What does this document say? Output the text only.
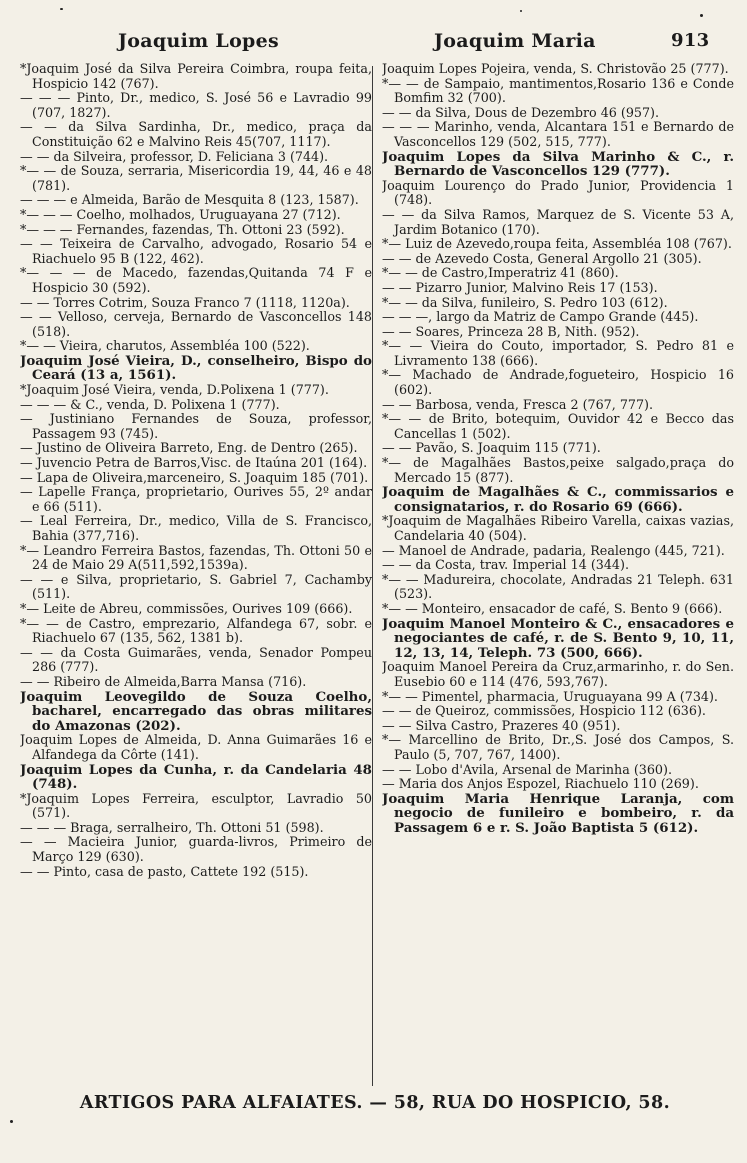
Joaquim Lopes	Joaquim Maria	913

*Joaquim José da Silva Pereira Coimbra, roupa feita, Hospicio 142 (767).

— — — Pinto, Dr., medico, S. José 56 e Lavradio 99 (707, 1827).

— — da Silva Sardinha, Dr., medico, praça da Constituição 62 e Malvino Reis 45(707, 1117).

— — da Silveira, professor, D. Feliciana 3 (744).

*— — de Souza, serraria, Misericordia 19, 44, 46 e 48 (781).

— — — e Almeida, Barão de Mesquita 8 (123, 1587).

*— — — Coelho, molhados, Uruguayana 27 (712).

*— — — Fernandes, fazendas, Th. Ottoni 23 (592).

— — Teixeira de Carvalho, advogado, Rosario 54 e Riachuelo 95 B (122, 462).

*— — — de Macedo, fazendas,Quitanda 74 F e Hospicio 30 (592).

— — Torres Cotrim, Souza Franco 7 (1118, 1120a).

— — Velloso, cerveja, Bernardo de Vasconcellos 148 (518).

*— — Vieira, charutos, Assembléa 100 (522).

Joaquim José Vieira, D., conselheiro, Bispo do Ceará (13 a, 1561).

*Joaquim José Vieira, venda, D.Polixena 1 (777).

— — — & C., venda, D. Polixena 1 (777).

— Justiniano Fernandes de Souza, professor, Passagem 93 (745).

— Justino de Oliveira Barreto, Eng. de Dentro (265).

— Juvencio Petra de Barros,Visc. de Itaúna 201 (164).

— Lapa de Oliveira,marceneiro, S. Joaquim 185 (701).

— Lapelle França, proprietario, Ourives 55, 2º andar e 66 (511).

— Leal Ferreira, Dr., medico, Villa de S. Francisco, Bahia (377,716).

*— Leandro Ferreira Bastos, fazendas, Th. Ottoni 50 e 24 de Maio 29 A(511,592,1539a).

— — e Silva, proprietario, S. Gabriel 7, Cachamby (511).

*— Leite de Abreu, commissões, Ourives 109 (666).

*— — de Castro, emprezario, Alfandega 67, sobr. e Riachuelo 67 (135, 562, 1381 b).

— — da Costa Guimarães, venda, Senador Pompeu 286 (777).

— — Ribeiro de Almeida,Barra Mansa (716).

Joaquim Leovegildo de Souza Coelho, bacharel, encarregado das obras militares do Amazonas (202).

Joaquim Lopes de Almeida, D. Anna Guimarães 16 e Alfandega da Côrte (141).

Joaquim Lopes da Cunha, r. da Candelaria 48 (748).

*Joaquim Lopes Ferreira, esculptor, Lavradio 50 (571).

— — — Braga, serralheiro, Th. Ottoni 51 (598).

— — Macieira Junior, guarda-livros, Primeiro de Março 129 (630).

— — Pinto, casa de pasto, Cattete 192 (515).

Joaquim Lopes Pojeira, venda, S. Christovão 25 (777).

*— — de Sampaio, mantimentos,Rosario 136 e Conde Bomfim 32 (700).

— — da Silva, Dous de Dezembro 46 (957).

— — — Marinho, venda, Alcantara 151 e Bernardo de Vasconcellos 129 (502, 515, 777).

Joaquim Lopes da Silva Marinho & C., r. Bernardo de Vasconcellos 129 (777).

Joaquim Lourenço do Prado Junior, Providencia 1 (748).

— — da Silva Ramos, Marquez de S. Vicente 53 A, Jardim Botanico (170).

*— Luiz de Azevedo,roupa feita, Assembléa 108 (767).

— — de Azevedo Costa, General Argollo 21 (305).

*— — de Castro,Imperatriz 41 (860).

— — Pizarro Junior, Malvino Reis 17 (153).

*— — da Silva, funileiro, S. Pedro 103 (612).

— — —, largo da Matriz de Campo Grande (445).

— — Soares, Princeza 28 B, Nith. (952).

*— — Vieira do Couto, importador, S. Pedro 81 e Livramento 138 (666).

*— Machado de Andrade,fogueteiro, Hospicio 16 (602).

— — Barbosa, venda, Fresca 2 (767, 777).

*— — de Brito, botequim, Ouvidor 42 e Becco das Cancellas 1 (502).

— — Pavão, S. Joaquim 115 (771).

*— de Magalhães Bastos,peixe salgado,praça do Mercado 15 (877).

Joaquim de Magalhães & C., commissarios e consignatarios, r. do Rosario 69 (666).

*Joaquim de Magalhães Ribeiro Varella, caixas vazias, Candelaria 40 (504).

— Manoel de Andrade, padaria, Realengo (445, 721).

— — da Costa, trav. Imperial 14 (344).

*— — Madureira, chocolate, Andradas 21 Teleph. 631 (523).

*— — Monteiro, ensacador de café, S. Bento 9 (666).

Joaquim Manoel Monteiro & C., ensacadores e negociantes de café, r. de S. Bento 9, 10, 11, 12, 13, 14, Teleph. 73 (500, 666).

Joaquim Manoel Pereira da Cruz,armarinho, r. do Sen. Eusebio 60 e 114 (476, 593,767).

*— — Pimentel, pharmacia, Uruguayana 99 A (734).

— — de Queiroz, commissões, Hospicio 112 (636).

— — Silva Castro, Prazeres 40 (951).

*— Marcellino de Brito, Dr.,S. José dos Campos, S. Paulo (5, 707, 767, 1400).

— — Lobo d'Avila, Arsenal de Marinha (360).

— Maria dos Anjos Espozel, Riachuelo 110 (269).

Joaquim Maria Henrique Laranja, com negocio de funileiro e bombeiro, r. da Passagem 6 e r. S. João Baptista 5 (612).

ARTIGOS PARA ALFAIATES. — 58, RUA DO HOSPICIO, 58.
